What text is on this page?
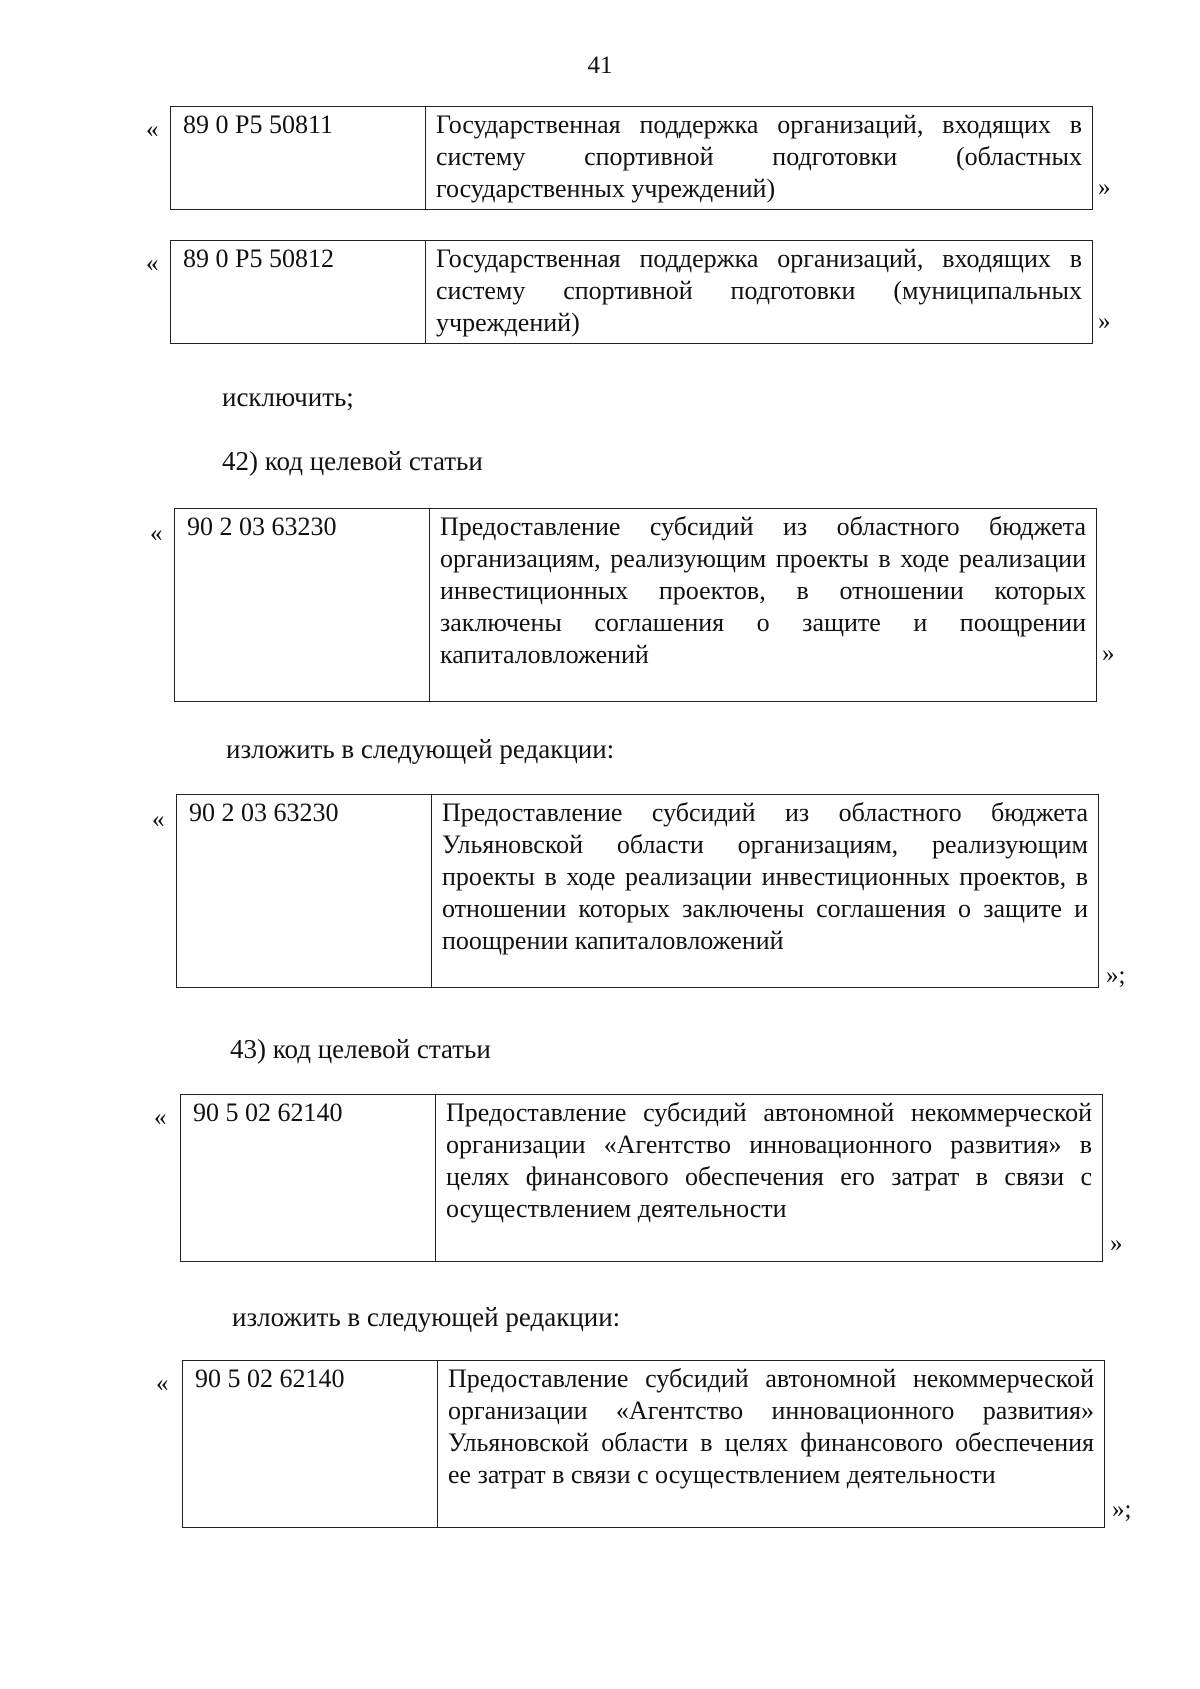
41
« 89 0 P5 50811	Государственная поддержка организаций, входящих в систему спортивной подготовки (областных государственных учреждений)	»
« 89 0 P5 50812	Государственная поддержка организаций, входящих в систему спортивной подготовки (муниципальных учреждений)	»
исключить;
42) код целевой статьи
« 90 2 03 63230	Предоставление субсидий из областного бюджета организациям, реализующим проекты в ходе реализации инвестиционных проектов, в отношении которых заключены соглашения о защите и поощрении капиталовложений	»
изложить в следующей редакции:
« 90 2 03 63230	Предоставление субсидий из областного бюджета Ульяновской области организациям, реализующим проекты в ходе реализации инвестиционных проектов, в отношении которых заключены соглашения о защите и поощрении капиталовложений
»;
43) код целевой статьи
« 90 5 02 62140	Предоставление субсидий автономной некоммерческой организации «Агентство инновационного развития» в целях финансового обеспечения его затрат в связи с осуществлением деятельности
»
изложить в следующей редакции:
« 90 5 02 62140	Предоставление субсидий автономной некоммерческой организации «Агентство инновационного развития» Ульяновской области в целях финансового обеспечения ее затрат в связи с осуществлением деятельности
»;
